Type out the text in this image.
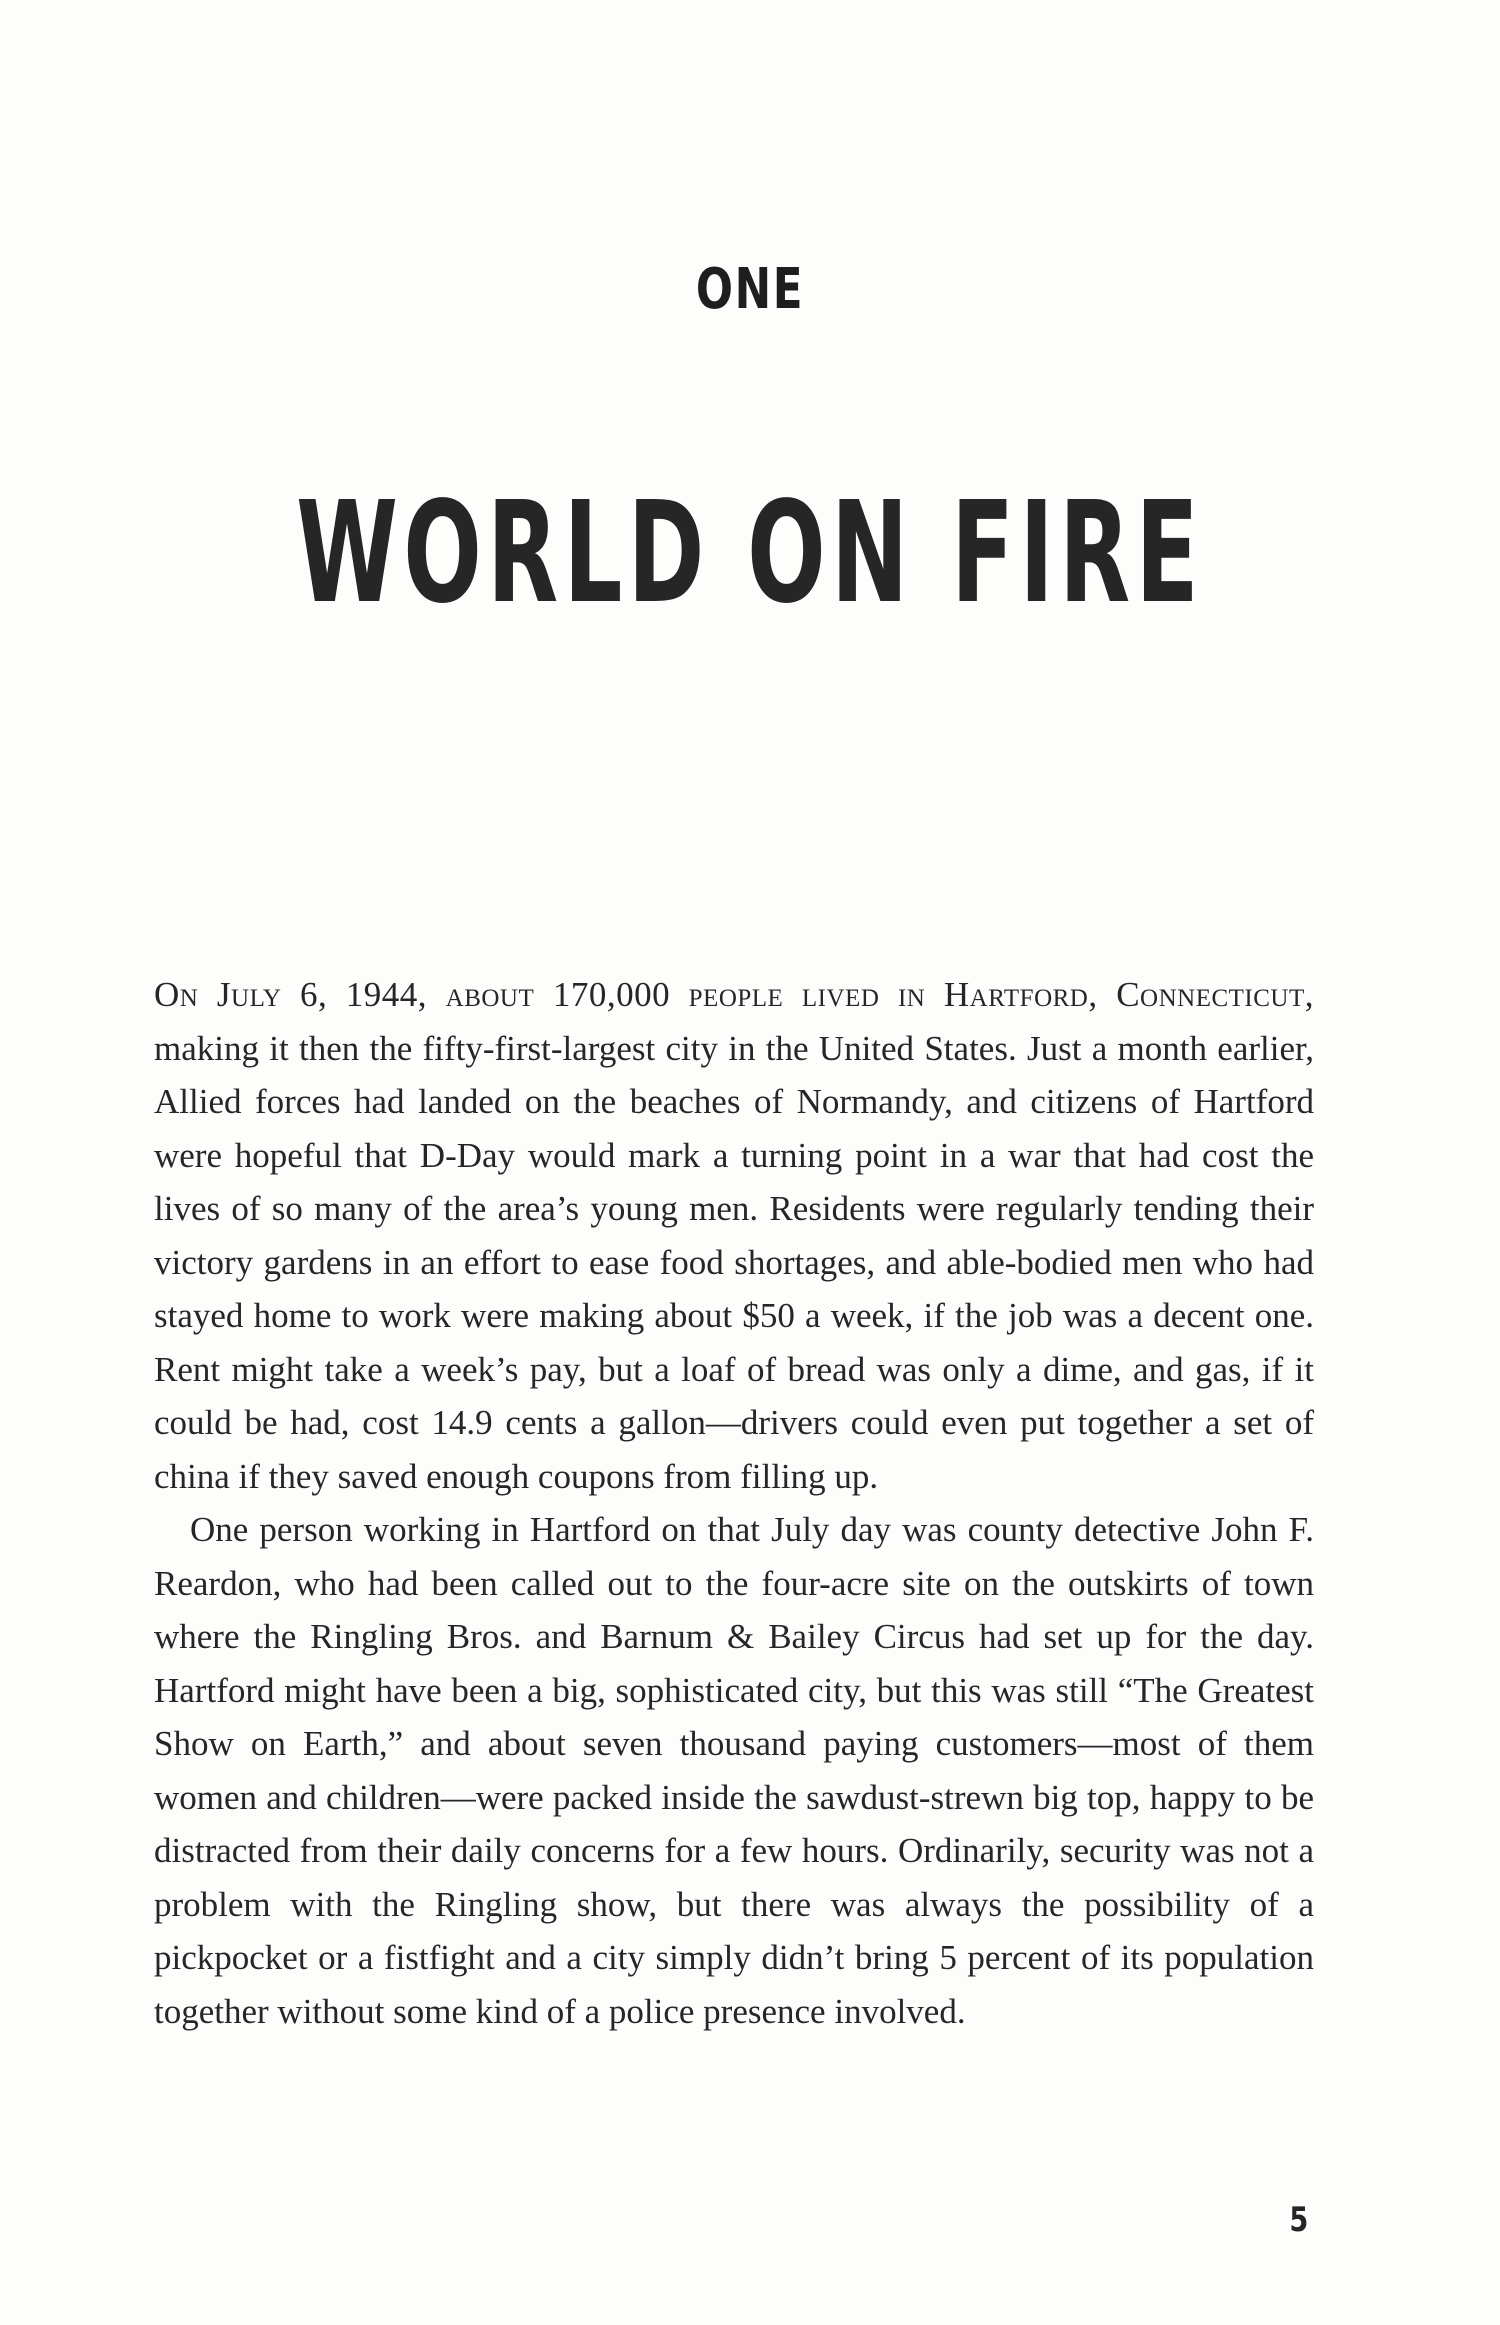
ONE
WORLD ON FIRE

On July 6, 1944, about 170,000 people lived in Hartford, Connecticut, making it then the fifty-first-largest city in the United States. Just a month earlier, Allied forces had landed on the beaches of Normandy, and citizens of Hartford were hopeful that D-Day would mark a turning point in a war that had cost the lives of so many of the area’s young men. Residents were regularly tending their victory gardens in an effort to ease food shortages, and able-bodied men who had stayed home to work were making about $50 a week, if the job was a decent one. Rent might take a week’s pay, but a loaf of bread was only a dime, and gas, if it could be had, cost 14.9 cents a gallon—drivers could even put together a set of china if they saved enough coupons from filling up.

One person working in Hartford on that July day was county detective John F. Reardon, who had been called out to the four-acre site on the outskirts of town where the Ringling Bros. and Barnum & Bailey Circus had set up for the day. Hartford might have been a big, sophisticated city, but this was still “The Greatest Show on Earth,” and about seven thousand paying customers—most of them women and children—were packed inside the sawdust-strewn big top, happy to be distracted from their daily concerns for a few hours. Ordinarily, security was not a problem with the Ringling show, but there was always the possibility of a pickpocket or a fistfight and a city simply didn’t bring 5 percent of its population together without some kind of a police presence involved.

5
